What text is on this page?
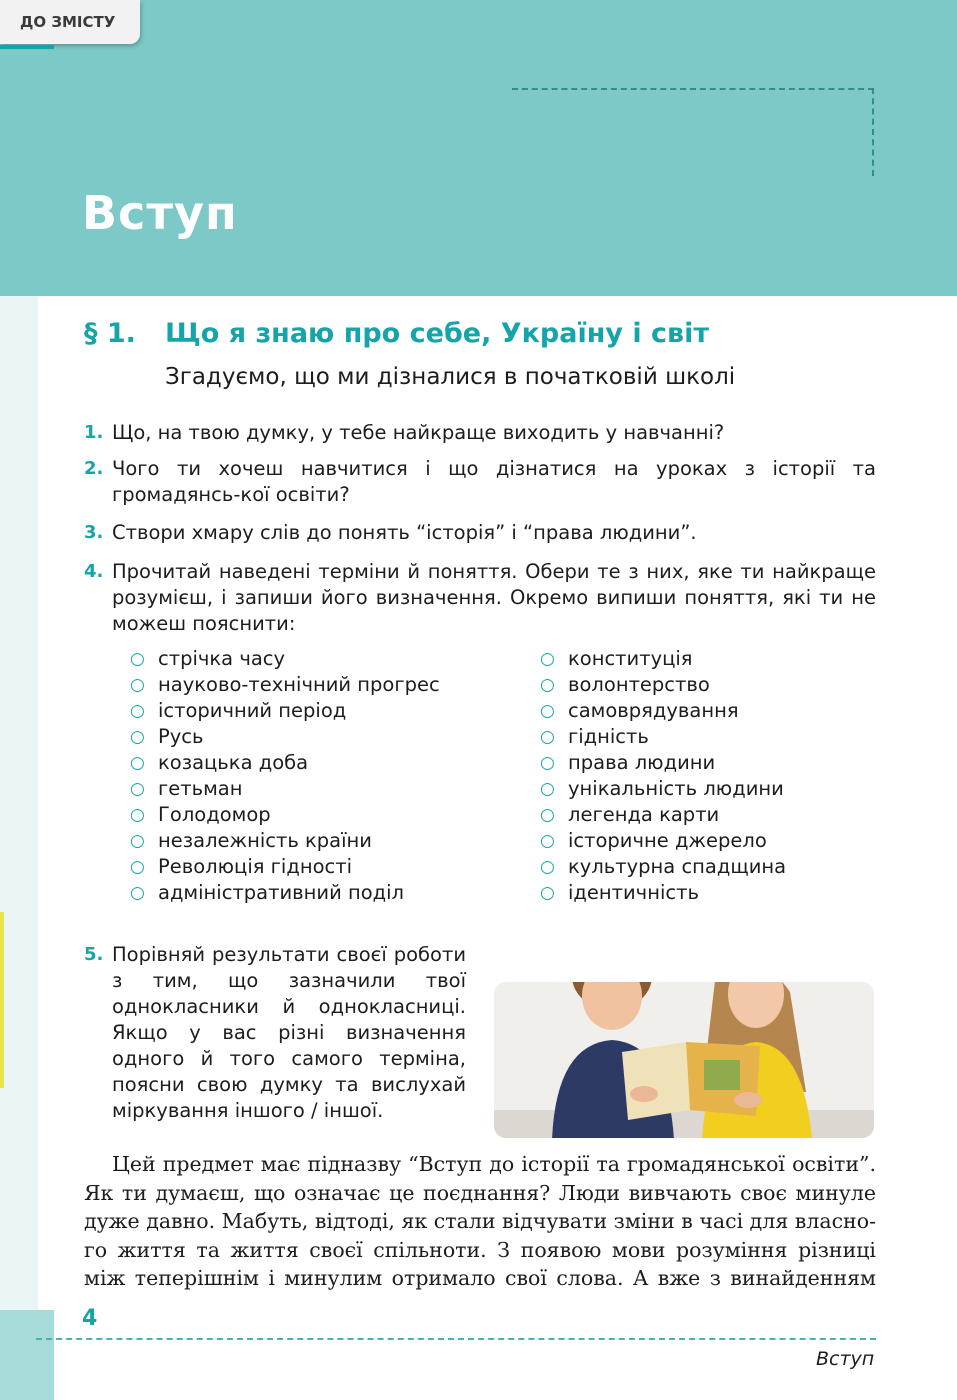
ДО ЗМІСТУ
Вступ
§ 1. Що я знаю про себе, Україну і світ
Згадуємо, що ми дізналися в початковій школі
1. Що, на твою думку, у тебе найкраще виходить у навчанні?
2. Чого ти хочеш навчитися і що дізнатися на уроках з історії та громадянсь-кої освіти?
3. Створи хмару слів до понять “історія” і “права людини”.
4. Прочитай наведені терміни й поняття. Обери те з них, яке ти найкраще розумієш, і запиши його визначення. Окремо випиши поняття, які ти не можеш пояснити:
○ стрічка часу
○ науково-технічний прогрес
○ історичний період
○ Русь
○ козацька доба
○ гетьман
○ Голодомор
○ незалежність країни
○ Революція гідності
○ адміністративний поділ
○ конституція
○ волонтерство
○ самоврядування
○ гідність
○ права людини
○ унікальність людини
○ легенда карти
○ історичне джерело
○ культурна спадщина
○ ідентичність
5. Порівняй результати своєї роботи з тим, що зазначили твої однокласники й однокласниці. Якщо у вас різні визначення одного й того самого терміна, поясни свою думку та вислухай міркування іншого / іншої.
Цей предмет має підназву “Вступ до історії та громадянської освіти”.
Як ти думаєш, що означає це поєднання? Люди вивчають своє минуле
дуже давно. Мабуть, відтоді, як стали відчувати зміни в часі для власно-
го життя та життя своєї спільноти. З появою мови розуміння різниці
між теперішнім і минулим отримало свої слова. А вже з винайденням
4
Вступ
